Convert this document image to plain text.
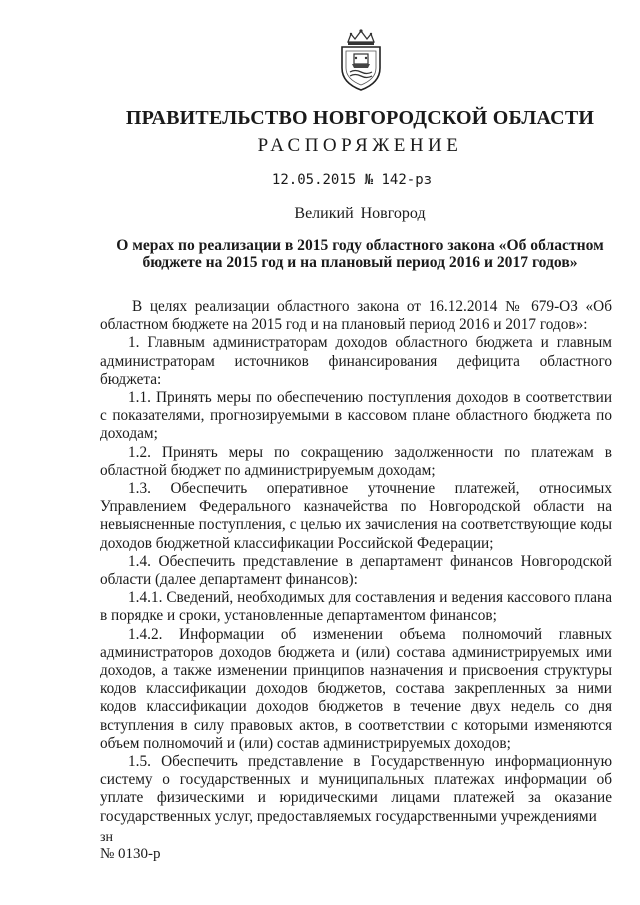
ПРАВИТЕЛЬСТВО НОВГОРОДСКОЙ ОБЛАСТИ
РАСПОРЯЖЕНИЕ
12.05.2015 № 142-рз
Великий Новгород
О мерах по реализации в 2015 году областного закона «Об областном бюджете на 2015 год и на плановый период 2016 и 2017 годов»

В целях реализации областного закона от 16.12.2014 № 679-ОЗ «Об областном бюджете на 2015 год и на плановый период 2016 и 2017 годов»:

1. Главным администраторам доходов областного бюджета и главным администраторам источников финансирования дефицита областного бюджета:

1.1. Принять меры по обеспечению поступления доходов в соответствии с показателями, прогнозируемыми в кассовом плане областного бюджета по доходам;

1.2. Принять меры по сокращению задолженности по платежам в областной бюджет по администрируемым доходам;

1.3. Обеспечить оперативное уточнение платежей, относимых Управлением Федерального казначейства по Новгородской области на невыясненные поступления, с целью их зачисления на соответствующие коды доходов бюджетной классификации Российской Федерации;

1.4. Обеспечить представление в департамент финансов Новгородской области (далее департамент финансов):

1.4.1. Сведений, необходимых для составления и ведения кассового плана в порядке и сроки, установленные департаментом финансов;

1.4.2. Информации об изменении объема полномочий главных администраторов доходов бюджета и (или) состава администрируемых ими доходов, а также изменении принципов назначения и присвоения структуры кодов классификации доходов бюджетов, состава закрепленных за ними кодов классификации доходов бюджетов в течение двух недель со дня вступления в силу правовых актов, в соответствии с которыми изменяются объем полномочий и (или) состав администрируемых доходов;

1.5. Обеспечить представление в Государственную информационную систему о государственных и муниципальных платежах информации об уплате физическими и юридическими лицами платежей за оказание государственных услуг, предоставляемых государственными учреждениями

зн
№ 0130-р
